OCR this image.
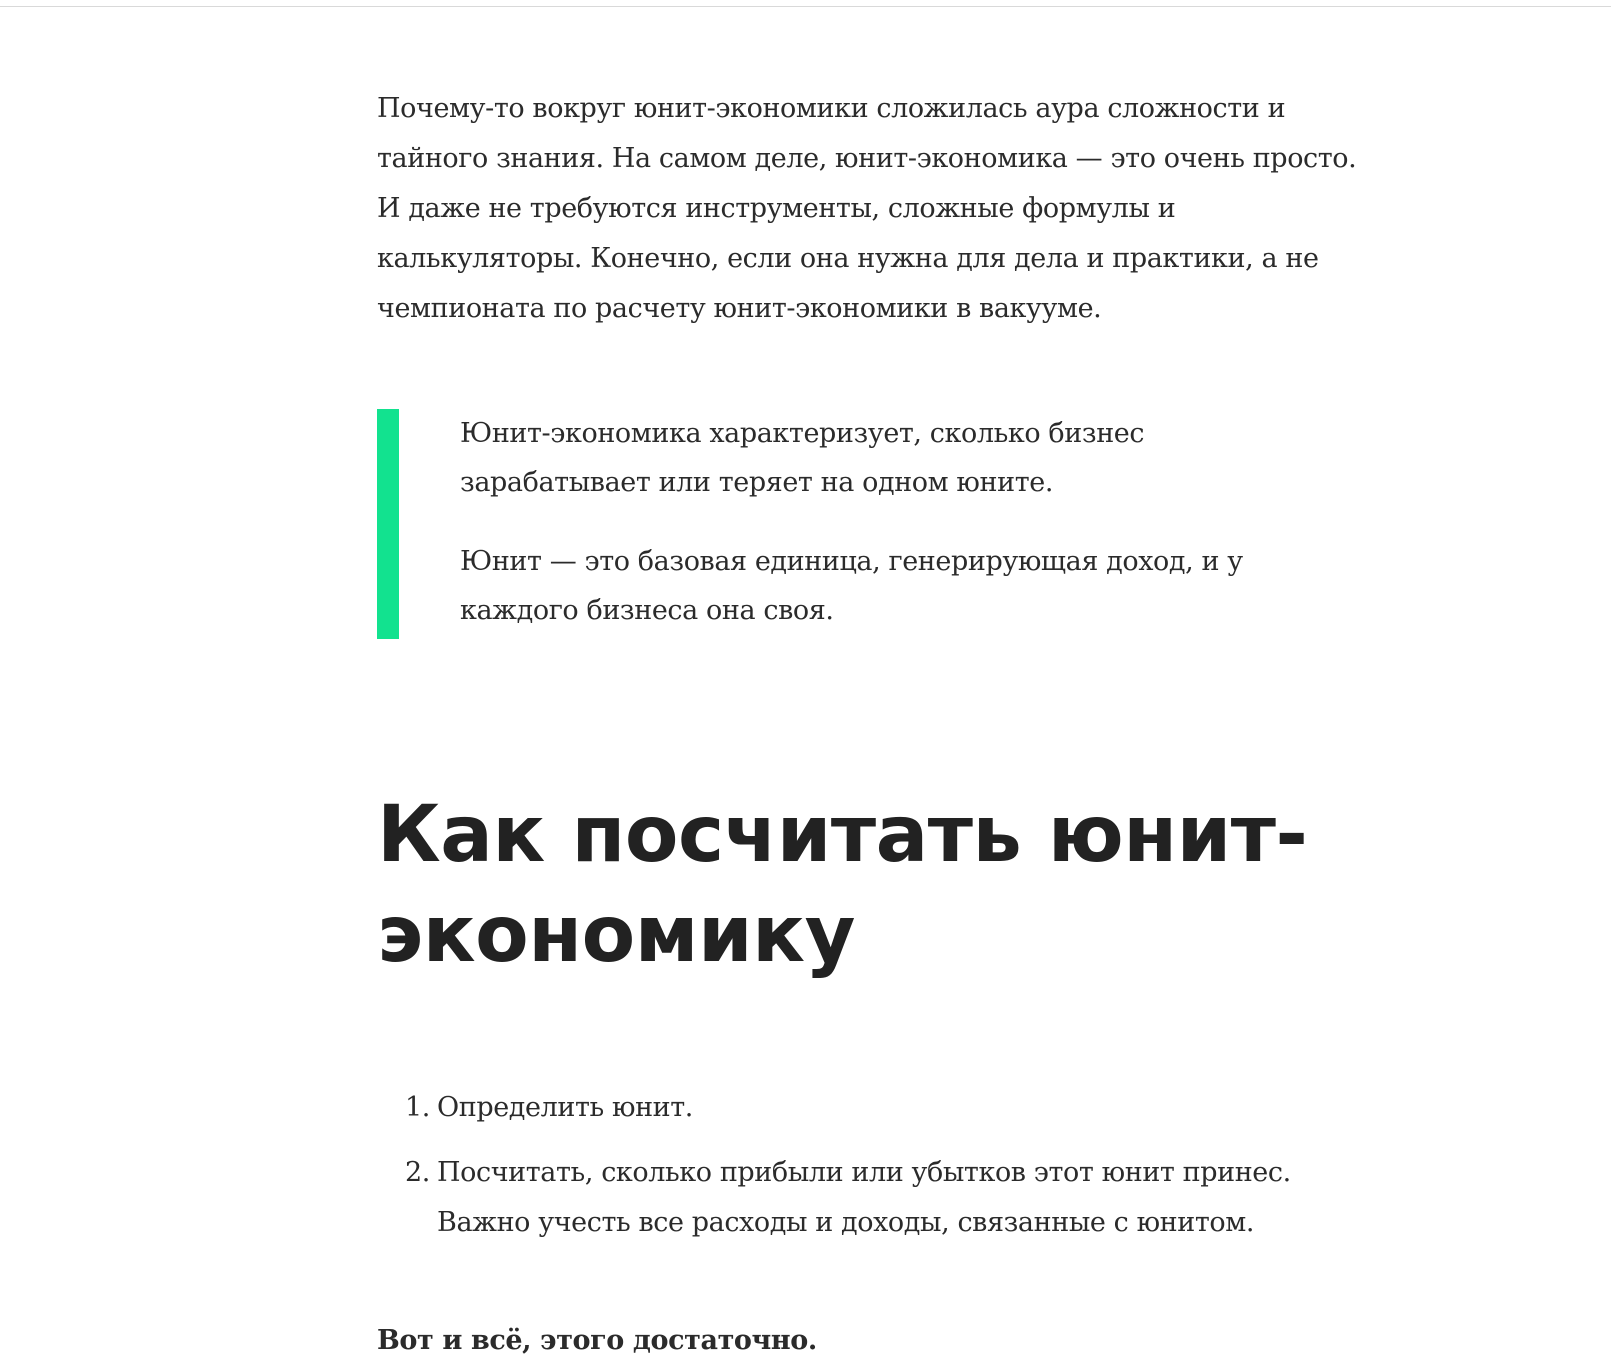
Почему-то вокруг юнит-экономики сложилась аура сложности и
тайного знания. На самом деле, юнит-экономика — это очень просто.
И даже не требуются инструменты, сложные формулы и
калькуляторы. Конечно, если она нужна для дела и практики, а не
чемпионата по расчету юнит-экономики в вакууме.

Юнит-экономика характеризует, сколько бизнес
зарабатывает или теряет на одном юните.

Юнит — это базовая единица, генерирующая доход, и у
каждого бизнеса она своя.

Как посчитать юнит-
экономику
1. Определить юнит.
2. Посчитать, сколько прибыли или убытков этот юнит принес.
Важно учесть все расходы и доходы, связанные с юнитом.

Вот и всё, этого достаточно.
